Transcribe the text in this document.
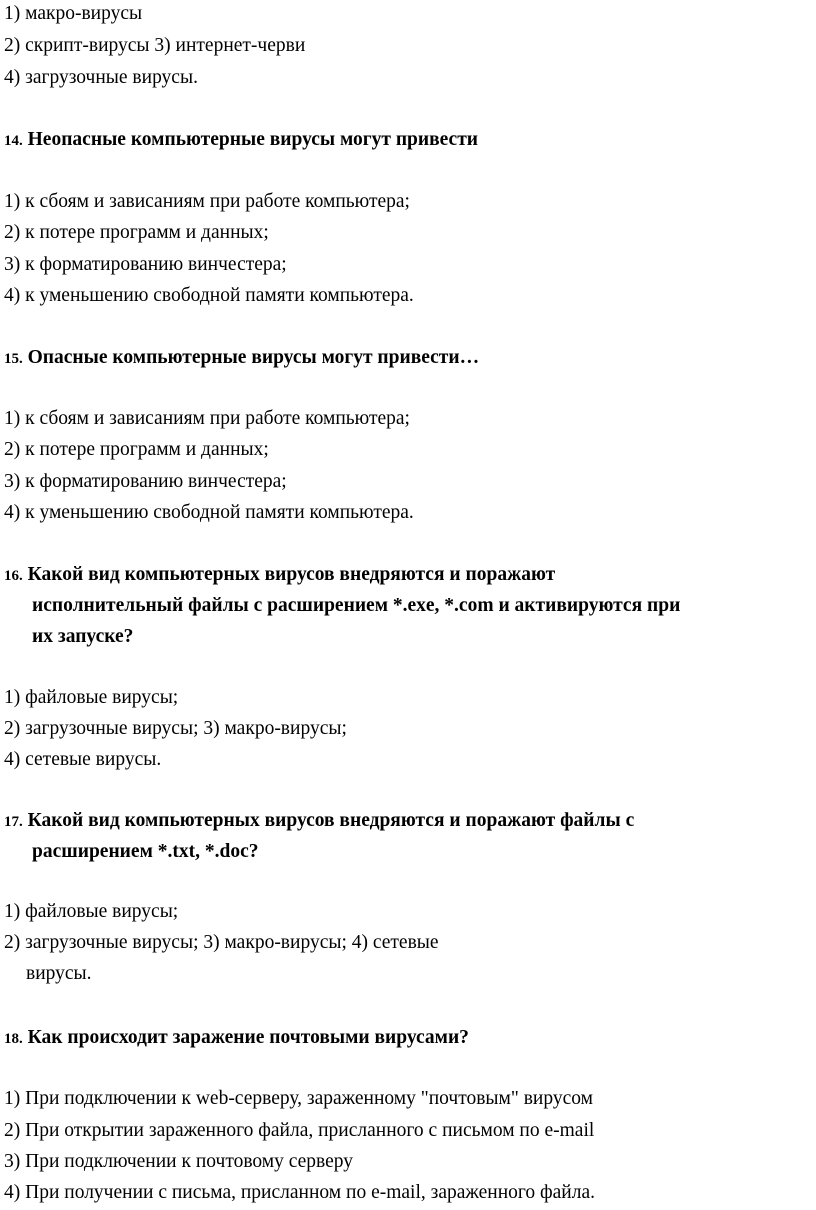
1) макро-вирусы
2) скрипт-вирусы 3) интернет-черви
4) загрузочные вирусы.
14. Неопасные компьютерные вирусы могут привести
1) к сбоям и зависаниям при работе компьютера;
2) к потере программ и данных;
3) к форматированию винчестера;
4) к уменьшению свободной памяти компьютера.
15. Опасные компьютерные вирусы могут привести…
1) к сбоям и зависаниям при работе компьютера;
2) к потере программ и данных;
3) к форматированию винчестера;
4) к уменьшению свободной памяти компьютера.
16. Какой вид компьютерных вирусов внедряются и поражают
исполнительный файлы с расширением *.exe, *.com и активируются при
их запуске?
1) файловые вирусы;
2) загрузочные вирусы; 3) макро-вирусы;
4) сетевые вирусы.
17. Какой вид компьютерных вирусов внедряются и поражают файлы с
расширением *.txt, *.doc?
1) файловые вирусы;
2) загрузочные вирусы; 3) макро-вирусы; 4) сетевые
вирусы.
18. Как происходит заражение почтовыми вирусами?
1) При подключении к web-серверу, зараженному "почтовым" вирусом
2) При открытии зараженного файла, присланного с письмом по e-mail
3) При подключении к почтовому серверу
4) При получении с письма, присланном по e-mail, зараженного файла.
